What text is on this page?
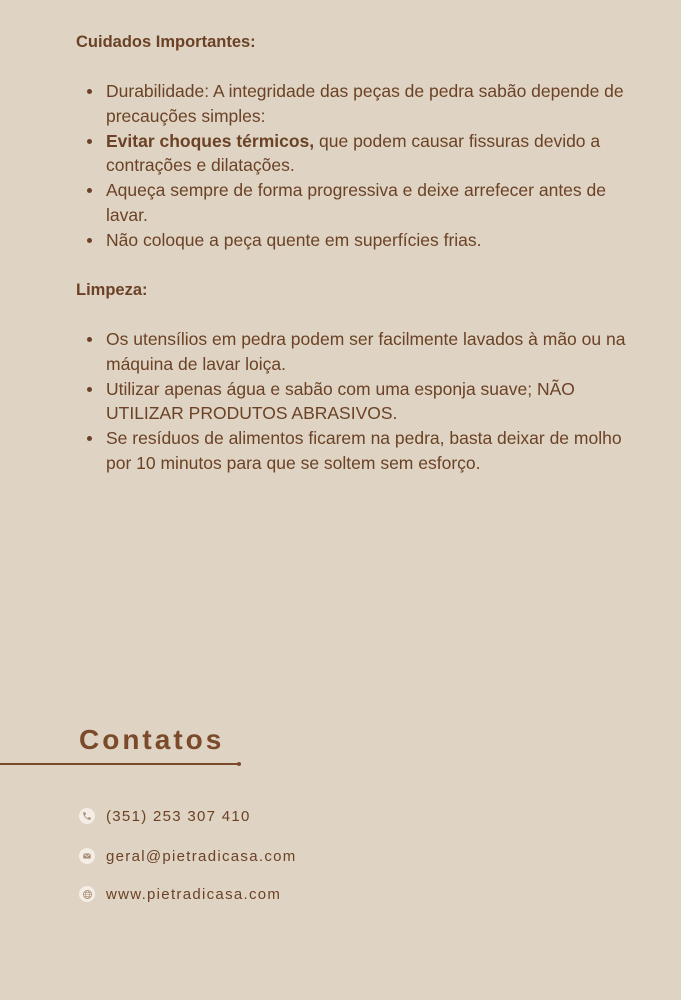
Cuidados Importantes:
Durabilidade: A integridade das peças de pedra sabão depende de precauções simples:
Evitar choques térmicos, que podem causar fissuras devido a contrações e dilatações.
Aqueça sempre de forma progressiva e deixe arrefecer antes de lavar.
Não coloque a peça quente em superfícies frias.
Limpeza:
Os utensílios em pedra podem ser facilmente lavados à mão ou na máquina de lavar loiça.
Utilizar apenas água e sabão com uma esponja suave; NÃO UTILIZAR PRODUTOS ABRASIVOS.
Se resíduos de alimentos ficarem na pedra, basta deixar de molho por 10 minutos para que se soltem sem esforço.
Contatos
(351) 253 307 410
geral@pietradicasa.com
www.pietradicasa.com
